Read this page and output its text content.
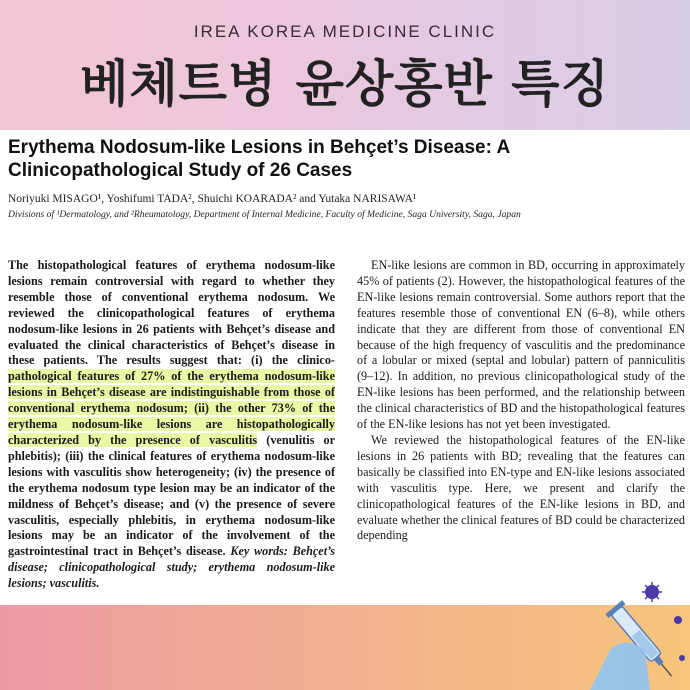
IREA KOREA MEDICINE CLINIC
베체트병 윤상홍반 특징
Erythema Nodosum-like Lesions in Behçet’s Disease: A Clinicopathological Study of 26 Cases
Noriyuki MISAGO¹, Yoshifumi TADA², Shuichi KOARADA² and Yutaka NARISAWA¹
Divisions of ¹Dermatology, and ²Rheumatology, Department of Internal Medicine, Faculty of Medicine, Saga University, Saga, Japan

The histopathological features of erythema nodosum-like lesions remain controversial with regard to whether they resemble those of conventional erythema nodosum. We reviewed the clinicopathological features of erythema nodosum-like lesions in 26 patients with Behçet’s disease and evaluated the clinical characteristics of Behçet’s disease in these patients. The results suggest that: (i) the clinico-pathological features of 27% of the erythema nodosum-like lesions in Behçet’s disease are indistinguishable from those of conventional erythema nodosum; (ii) the other 73% of the erythema nodosum-like lesions are histopathologically characterized by the presence of vasculitis (venulitis or phlebitis); (iii) the clinical features of erythema nodosum-like lesions with vasculitis show heterogeneity; (iv) the presence of the erythema nodosum type lesion may be an indicator of the mildness of Behçet’s disease; and (v) the presence of severe vasculitis, especially phlebitis, in erythema nodosum-like lesions may be an indicator of the involvement of the gastrointestinal tract in Behçet’s disease. Key words: Behçet’s disease; clinicopathological study; erythema nodosum-like lesions; vasculitis.

EN-like lesions are common in BD, occurring in approximately 45% of patients (2). However, the histopathological features of the EN-like lesions remain controversial. Some authors report that the features resemble those of conventional EN (6–8), while others indicate that they are different from those of conventional EN because of the high frequency of vasculitis and the predominance of a lobular or mixed (septal and lobular) pattern of panniculitis (9–12). In addition, no previous clinicopathological study of the EN-like lesions has been performed, and the relationship between the clinical characteristics of BD and the histopathological features of the EN-like lesions has not yet been investigated.

We reviewed the histopathological features of the EN-like lesions in 26 patients with BD; revealing that the features can basically be classified into EN-type and EN-like lesions associated with vasculitis type. Here, we present and clarify the clinicopathological features of the EN-like lesions in BD, and evaluate whether the clinical features of BD could be characterized depending
